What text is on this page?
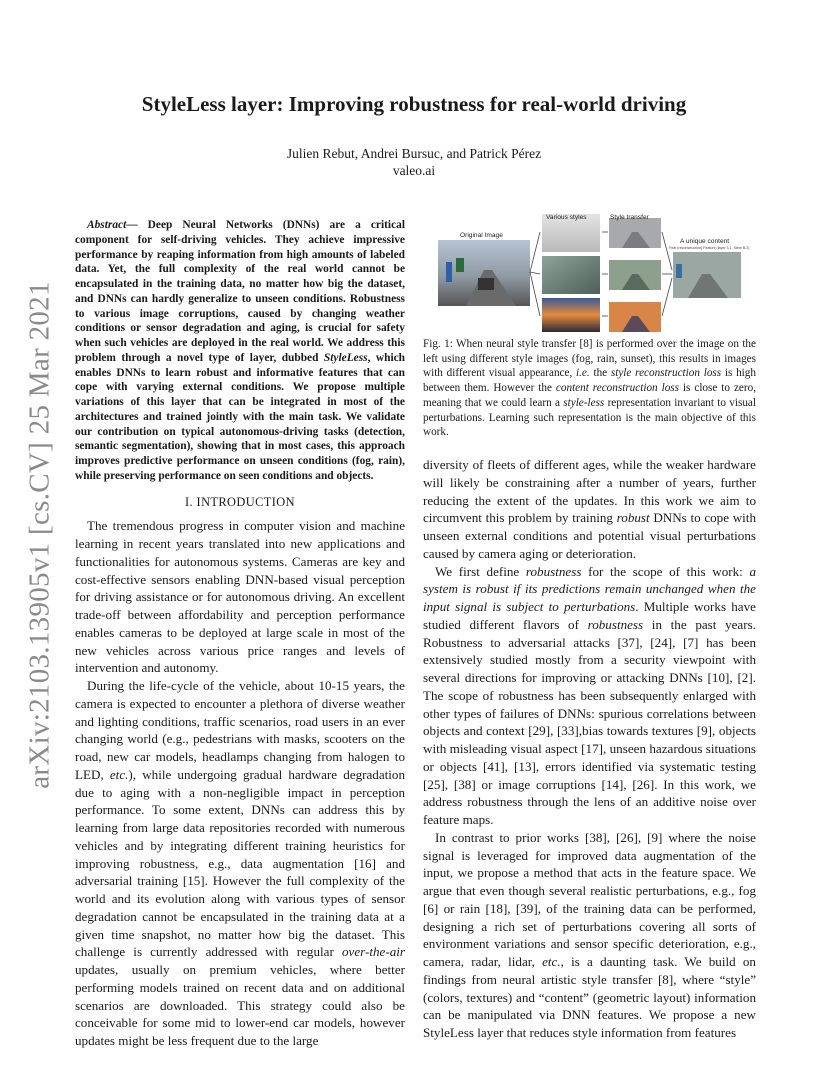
StyleLess layer: Improving robustness for real-world driving
Julien Rebut, Andrei Bursuc, and Patrick Pérez
valeo.ai
arXiv:2103.13905v1 [cs.CV] 25 Mar 2021
Abstract— Deep Neural Networks (DNNs) are a critical component for self-driving vehicles. They achieve impressive performance by reaping information from high amounts of labeled data. Yet, the full complexity of the real world cannot be encapsulated in the training data, no matter how big the dataset, and DNNs can hardly generalize to unseen conditions. Robustness to various image corruptions, caused by changing weather conditions or sensor degradation and aging, is crucial for safety when such vehicles are deployed in the real world. We address this problem through a novel type of layer, dubbed StyleLess, which enables DNNs to learn robust and informative features that can cope with varying external conditions. We propose multiple variations of this layer that can be integrated in most of the architectures and trained jointly with the main task. We validate our contribution on typical autonomous-driving tasks (detection, semantic segmentation), showing that in most cases, this approach improves predictive performance on unseen conditions (fog, rain), while preserving performance on seen conditions and objects.
I. INTRODUCTION

The tremendous progress in computer vision and machine learning in recent years translated into new applications and functionalities for autonomous systems. Cameras are key and cost-effective sensors enabling DNN-based visual perception for driving assistance or for autonomous driving. An excellent trade-off between affordability and perception performance enables cameras to be deployed at large scale in most of the new vehicles across various price ranges and levels of intervention and autonomy.

During the life-cycle of the vehicle, about 10-15 years, the camera is expected to encounter a plethora of diverse weather and lighting conditions, traffic scenarios, road users in an ever changing world (e.g., pedestrians with masks, scooters on the road, new car models, headlamps changing from halogen to LED, etc.), while undergoing gradual hardware degradation due to aging with a non-negligible impact in perception performance. To some extent, DNNs can address this by learning from large data repositories recorded with numerous vehicles and by integrating different training heuristics for improving robustness, e.g., data augmentation [16] and adversarial training [15]. However the full complexity of the world and its evolution along with various types of sensor degradation cannot be encapsulated in the training data at a given time snapshot, no matter how big the dataset. This challenge is currently addressed with regular over-the-air updates, usually on premium vehicles, where better performing models trained on recent data and on additional scenarios are downloaded. This strategy could also be conceivable for some mid to lower-end car models, however updates might be less frequent due to the large

Original Image
Various styles	Style transfer
A unique content
Feat (reconstruction) Feature (layer 3.1, Stem B.2)
Fig. 1: When neural style transfer [8] is performed over the image on the left using different style images (fog, rain, sunset), this results in images with different visual appearance, i.e. the style reconstruction loss is high between them. However the content reconstruction loss is close to zero, meaning that we could learn a style-less representation invariant to visual perturbations. Learning such representation is the main objective of this work.

diversity of fleets of different ages, while the weaker hardware will likely be constraining after a number of years, further reducing the extent of the updates. In this work we aim to circumvent this problem by training robust DNNs to cope with unseen external conditions and potential visual perturbations caused by camera aging or deterioration.

We first define robustness for the scope of this work: a system is robust if its predictions remain unchanged when the input signal is subject to perturbations. Multiple works have studied different flavors of robustness in the past years. Robustness to adversarial attacks [37], [24], [7] has been extensively studied mostly from a security viewpoint with several directions for improving or attacking DNNs [10], [2]. The scope of robustness has been subsequently enlarged with other types of failures of DNNs: spurious correlations between objects and context [29], [33],bias towards textures [9], objects with misleading visual aspect [17], unseen hazardous situations or objects [41], [13], errors identified via systematic testing [25], [38] or image corruptions [14], [26]. In this work, we address robustness through the lens of an additive noise over feature maps.

In contrast to prior works [38], [26], [9] where the noise signal is leveraged for improved data augmentation of the input, we propose a method that acts in the feature space. We argue that even though several realistic perturbations, e.g., fog [6] or rain [18], [39], of the training data can be performed, designing a rich set of perturbations covering all sorts of environment variations and sensor specific deterioration, e.g., camera, radar, lidar, etc., is a daunting task. We build on findings from neural artistic style transfer [8], where “style” (colors, textures) and “content” (geometric layout) information can be manipulated via DNN features. We propose a new StyleLess layer that reduces style information from features
